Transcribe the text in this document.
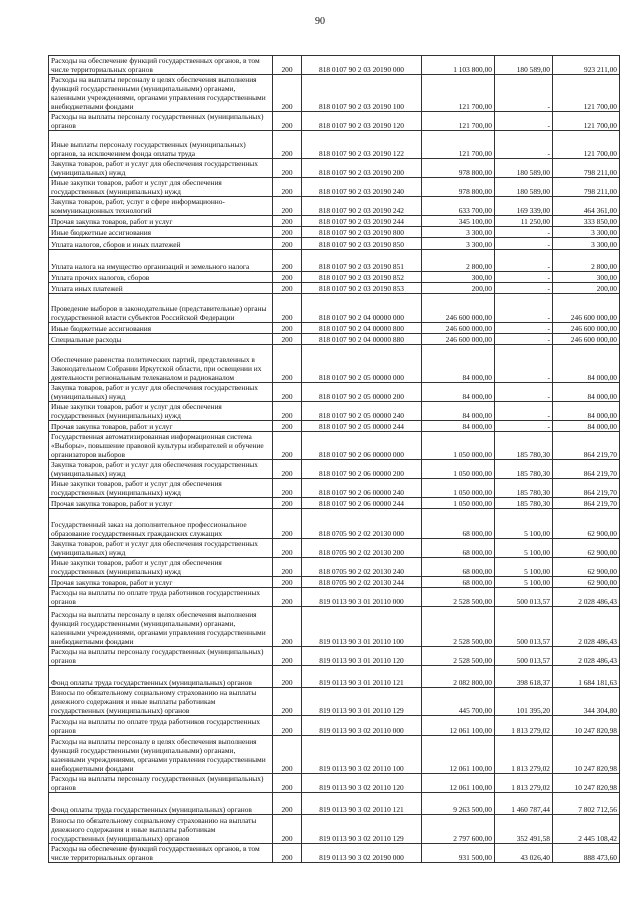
90
Расходы на обеспечение функций государственных органов, в том числе территориальных органов	200	818 0107 90 2 03 20190 000	1 103 800,00	180 589,00	923 211,00
Расходы на выплаты персоналу в целях обеспечения выполнения функций государственными (муниципальными) органами, казенными учреждениями, органами управления государственными внебюджетными фондами	200	818 0107 90 2 03 20190 100	121 700,00	-	121 700,00
Расходы на выплаты персоналу государственных (муниципальных) органов	200	818 0107 90 2 03 20190 120	121 700,00	-	121 700,00
Иные выплаты персоналу государственных (муниципальных) органов, за исключением фонда оплаты труда	200	818 0107 90 2 03 20190 122	121 700,00	-	121 700,00
Закупка товаров, работ и услуг для обеспечения государственных (муниципальных) нужд	200	818 0107 90 2 03 20190 200	978 800,00	180 589,00	798 211,00
Иные закупки товаров, работ и услуг для обеспечения государственных (муниципальных) нужд	200	818 0107 90 2 03 20190 240	978 800,00	180 589,00	798 211,00
Закупка товаров, работ, услуг в сфере информационно-коммуникационных технологий	200	818 0107 90 2 03 20190 242	633 700,00	169 339,00	464 361,00
Прочая закупка товаров, работ и услуг	200	818 0107 90 2 03 20190 244	345 100,00	11 250,00	333 850,00
Иные бюджетные ассигнования	200	818 0107 90 2 03 20190 800	3 300,00	-	3 300,00
Уплата налогов, сборов и иных платежей	200	818 0107 90 2 03 20190 850	3 300,00	-	3 300,00
Уплата налога на имущество организаций и земельного налога	200	818 0107 90 2 03 20190 851	2 800,00	-	2 800,00
Уплата прочих налогов, сборов	200	818 0107 90 2 03 20190 852	300,00	-	300,00
Уплата иных платежей	200	818 0107 90 2 03 20190 853	200,00	-	200,00
Проведение выборов в законодательные (представительные) органы государственной власти субъектов Российской Федерации	200	818 0107 90 2 04 00000 000	246 600 000,00	-	246 600 000,00
Иные бюджетные ассигнования	200	818 0107 90 2 04 00000 800	246 600 000,00	-	246 600 000,00
Специальные расходы	200	818 0107 90 2 04 00000 880	246 600 000,00	-	246 600 000,00
Обеспечение равенства политических партий, представленных в Законодательном Собрании Иркутской области, при освещении их деятельности региональным телеканалом и радиоканалом	200	818 0107 90 2 05 00000 000	84 000,00	-	84 000,00
Закупка товаров, работ и услуг для обеспечения государственных (муниципальных) нужд	200	818 0107 90 2 05 00000 200	84 000,00	-	84 000,00
Иные закупки товаров, работ и услуг для обеспечения государственных (муниципальных) нужд	200	818 0107 90 2 05 00000 240	84 000,00	-	84 000,00
Прочая закупка товаров, работ и услуг	200	818 0107 90 2 05 00000 244	84 000,00	-	84 000,00
Государственная автоматизированная информационная система «Выборы», повышение правовой культуры избирателей и обучение организаторов выборов	200	818 0107 90 2 06 00000 000	1 050 000,00	185 780,30	864 219,70
Закупка товаров, работ и услуг для обеспечения государственных (муниципальных) нужд	200	818 0107 90 2 06 00000 200	1 050 000,00	185 780,30	864 219,70
Иные закупки товаров, работ и услуг для обеспечения государственных (муниципальных) нужд	200	818 0107 90 2 06 00000 240	1 050 000,00	185 780,30	864 219,70
Прочая закупка товаров, работ и услуг	200	818 0107 90 2 06 00000 244	1 050 000,00	185 780,30	864 219,70
Государственный заказ на дополнительное профессиональное образование государственных гражданских служащих	200	818 0705 90 2 02 20130 000	68 000,00	5 100,00	62 900,00
Закупка товаров, работ и услуг для обеспечения государственных (муниципальных) нужд	200	818 0705 90 2 02 20130 200	68 000,00	5 100,00	62 900,00
Иные закупки товаров, работ и услуг для обеспечения государственных (муниципальных) нужд	200	818 0705 90 2 02 20130 240	68 000,00	5 100,00	62 900,00
Прочая закупка товаров, работ и услуг	200	818 0705 90 2 02 20130 244	68 000,00	5 100,00	62 900,00
Расходы на выплаты по оплате труда работников государственных органов	200	819 0113 90 3 01 20110 000	2 528 500,00	500 013,57	2 028 486,43
Расходы на выплаты персоналу в целях обеспечения выполнения функций государственными (муниципальными) органами, казенными учреждениями, органами управления государственными внебюджетными фондами	200	819 0113 90 3 01 20110 100	2 528 500,00	500 013,57	2 028 486,43
Расходы на выплаты персоналу государственных (муниципальных) органов	200	819 0113 90 3 01 20110 120	2 528 500,00	500 013,57	2 028 486,43
Фонд оплаты труда государственных (муниципальных) органов	200	819 0113 90 3 01 20110 121	2 082 800,00	398 618,37	1 684 181,63
Взносы по обязательному социальному страхованию на выплаты денежного содержания и иные выплаты работникам государственных (муниципальных) органов	200	819 0113 90 3 01 20110 129	445 700,00	101 395,20	344 304,80
Расходы на выплаты по оплате труда работников государственных органов	200	819 0113 90 3 02 20110 000	12 061 100,00	1 813 279,02	10 247 820,98
Расходы на выплаты персоналу в целях обеспечения выполнения функций государственными (муниципальными) органами, казенными учреждениями, органами управления государственными внебюджетными фондами	200	819 0113 90 3 02 20110 100	12 061 100,00	1 813 279,02	10 247 820,98
Расходы на выплаты персоналу государственных (муниципальных) органов	200	819 0113 90 3 02 20110 120	12 061 100,00	1 813 279,02	10 247 820,98
Фонд оплаты труда государственных (муниципальных) органов	200	819 0113 90 3 02 20110 121	9 263 500,00	1 460 787,44	7 802 712,56
Взносы по обязательному социальному страхованию на выплаты денежного содержания и иные выплаты работникам государственных (муниципальных) органов	200	819 0113 90 3 02 20110 129	2 797 600,00	352 491,58	2 445 108,42
Расходы на обеспечение функций государственных органов, в том числе территориальных органов	200	819 0113 90 3 02 20190 000	931 500,00	43 026,40	888 473,60
